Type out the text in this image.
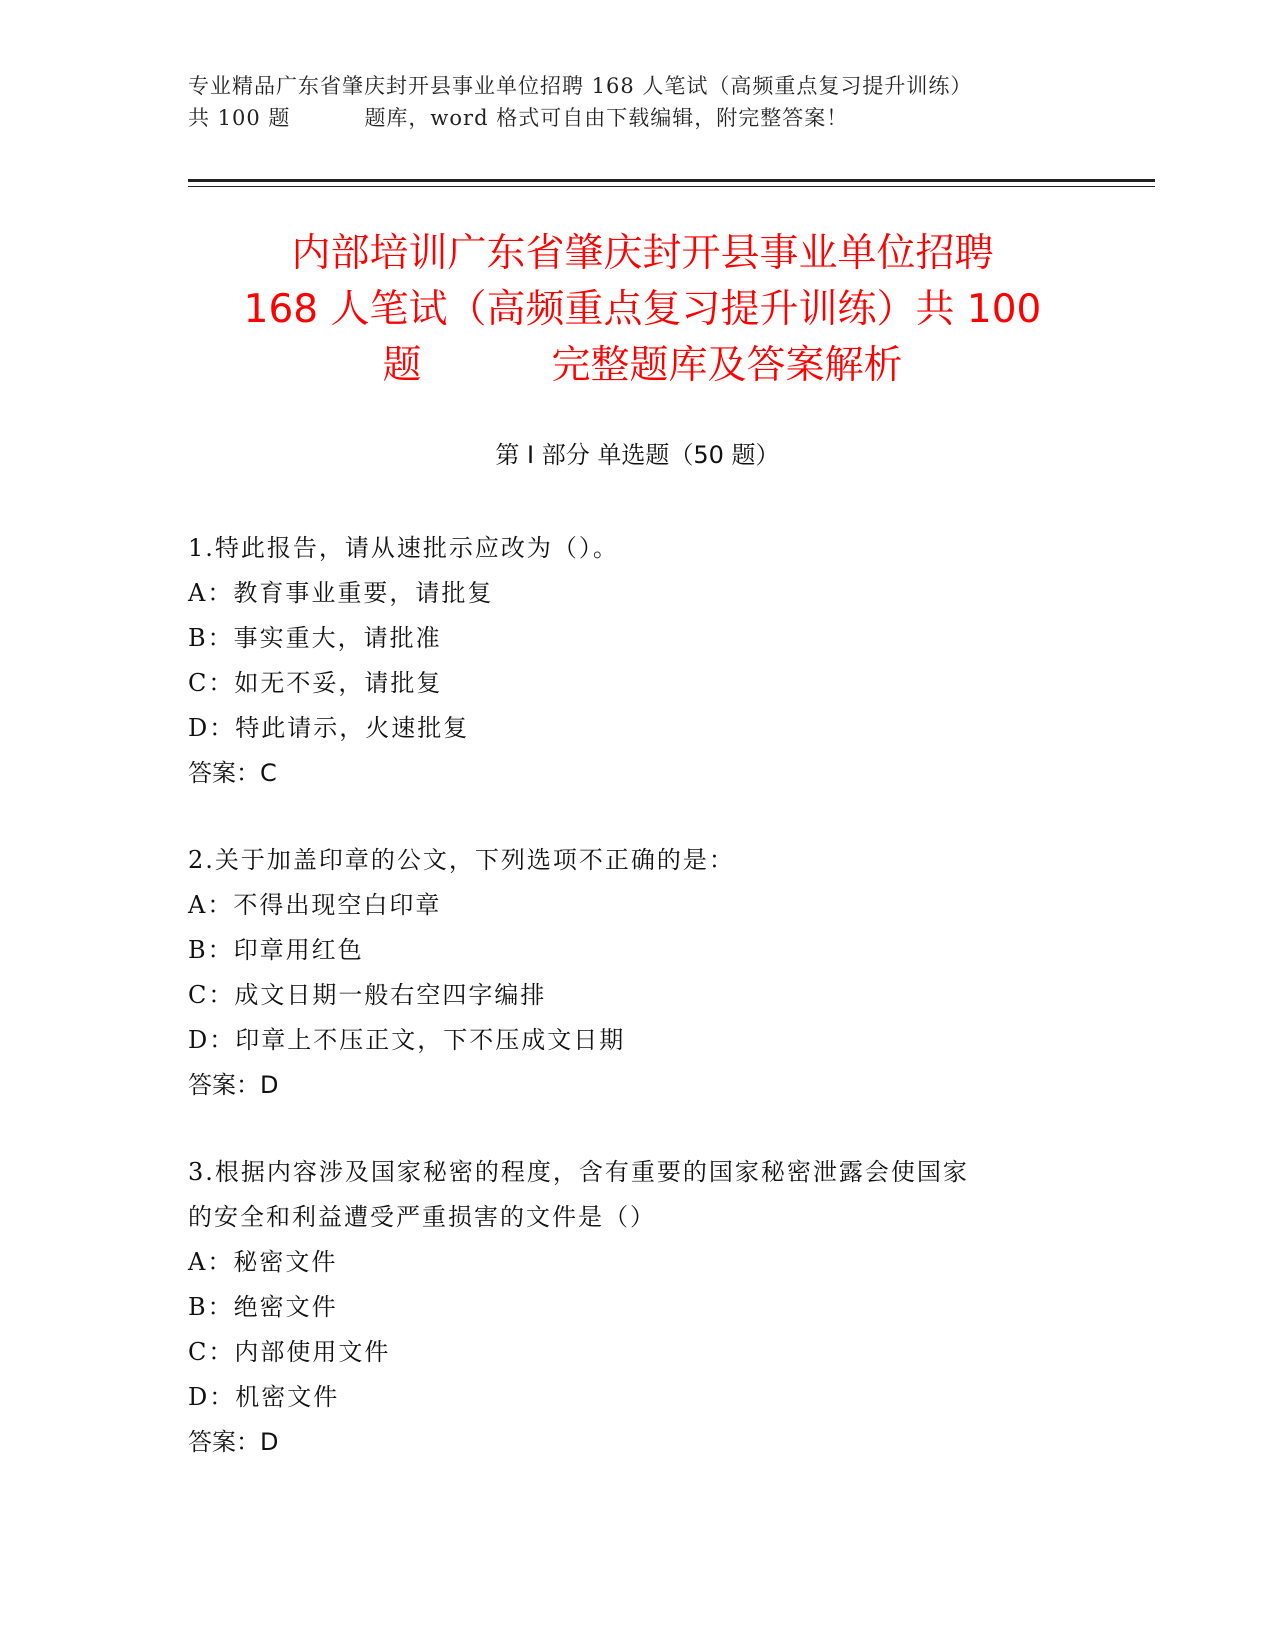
专业精品广东省肇庆封开县事业单位招聘 168 人笔试（高频重点复习提升训练）
共 100 题	题库，word 格式可自由下载编辑，附完整答案！
内部培训广东省肇庆封开县事业单位招聘
168 人笔试（高频重点复习提升训练）共 100
题	完整题库及答案解析
第 I 部分 单选题（50 题）
1.特此报告，请从速批示应改为（）。
A：教育事业重要，请批复
B：事实重大，请批准
C：如无不妥，请批复
D：特此请示，火速批复
答案：C
2.关于加盖印章的公文，下列选项不正确的是：
A：不得出现空白印章
B：印章用红色
C：成文日期一般右空四字编排
D：印章上不压正文，下不压成文日期
答案：D
3.根据内容涉及国家秘密的程度，含有重要的国家秘密泄露会使国家
的安全和利益遭受严重损害的文件是（）
A：秘密文件
B：绝密文件
C：内部使用文件
D：机密文件
答案：D
